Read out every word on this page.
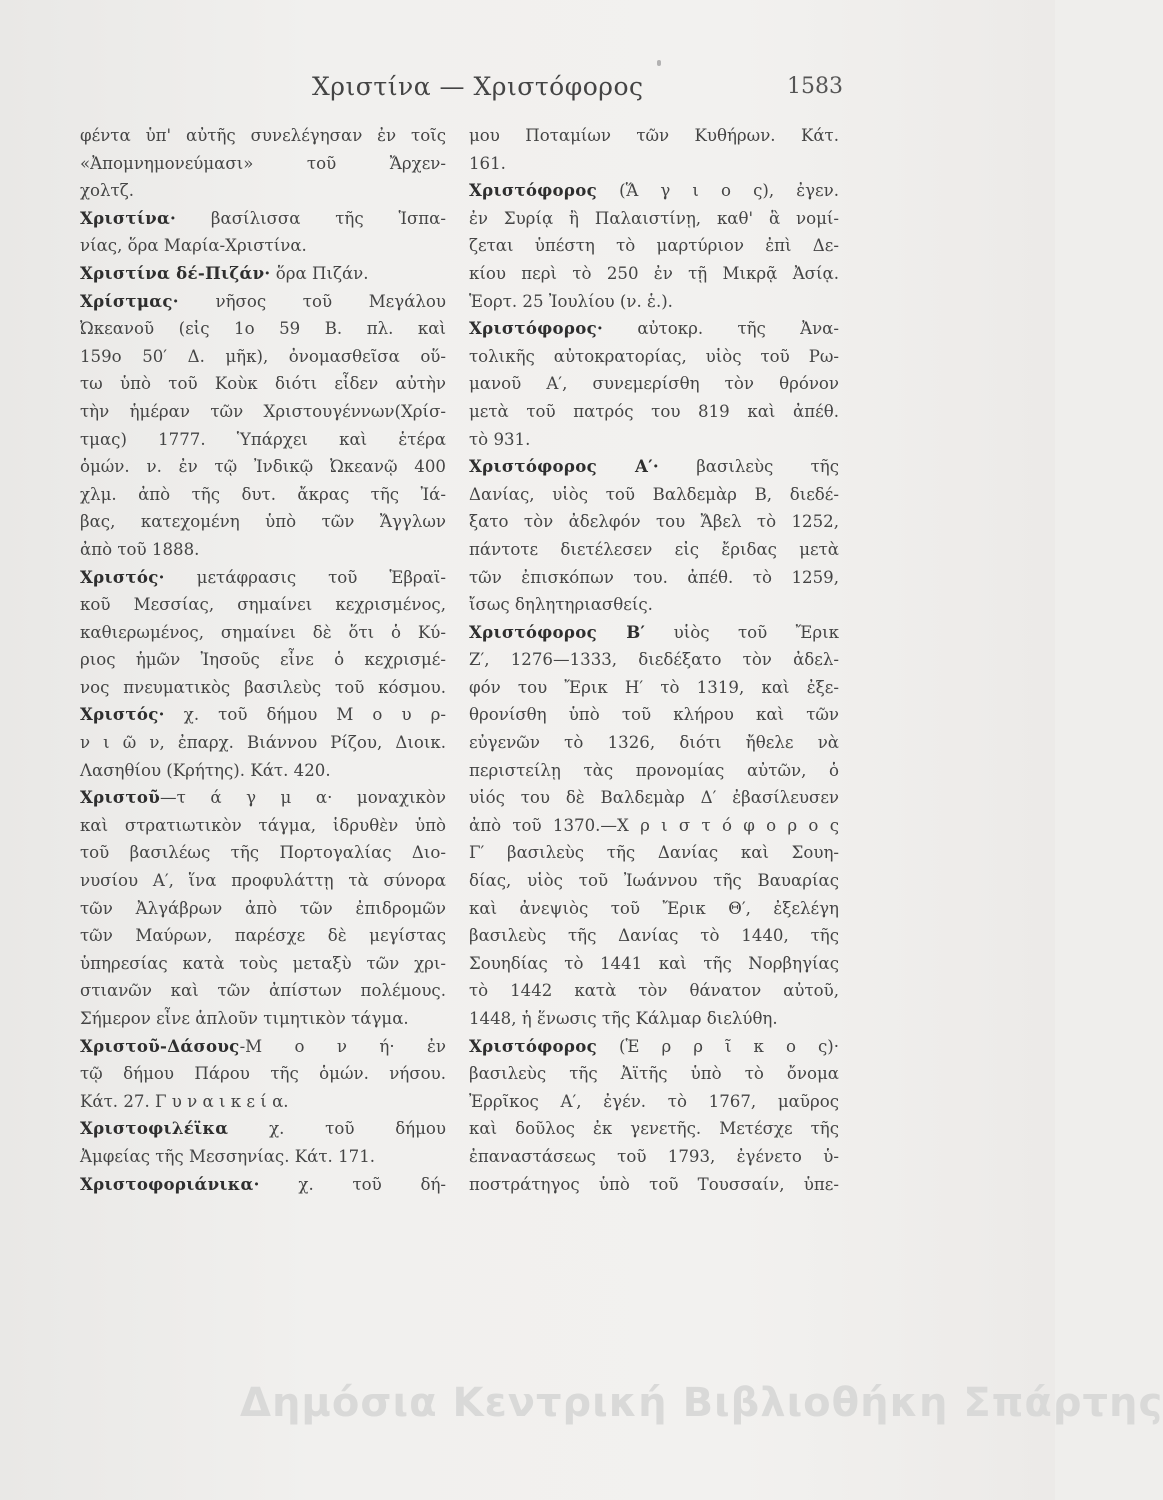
Χριστίνα — Χριστόφορος	1583
φέντα ὑπ' αὐτῆς συνελέγησαν ἐν τοῖς
«Ἀπομνημονεύμασι» τοῦ Ἄρχεν-
χολτζ.
Χριστίνα· βασίλισσα τῆς Ἱσπα-
νίας, ὅρα Μαρία-Χριστίνα.
Χριστίνα δέ-Πιζάν· ὅρα Πιζάν.
Χρίστμας· νῆσος τοῦ Μεγάλου
Ὠκεανοῦ (εἰς 1ο 59 Β. πλ. καὶ
159ο 50′ Δ. μῆκ), ὀνομασθεῖσα οὕ-
τω ὑπὸ τοῦ Κοὺκ διότι εἶδεν αὐτὴν
τὴν ἡμέραν τῶν Χριστουγέννων(Χρίσ-
τμας) 1777. Ὑπάρχει καὶ ἑτέρα
ὁμών. ν. ἐν τῷ Ἰνδικῷ Ὠκεανῷ 400
χλμ. ἀπὸ τῆς δυτ. ἄκρας τῆς Ἰά-
βας, κατεχομένη ὑπὸ τῶν Ἄγγλων
ἀπὸ τοῦ 1888.
Χριστός· μετάφρασις τοῦ Ἑβραϊ-
κοῦ Μεσσίας, σημαίνει κεχρισμένος,
καθιερωμένος, σημαίνει δὲ ὅτι ὁ Κύ-
ριος ἡμῶν Ἰησοῦς εἶνε ὁ κεχρισμέ-
νος πνευματικὸς βασιλεὺς τοῦ κόσμου.
Χριστός· χ. τοῦ δήμου Μ ο υ ρ-
ν ι ῶ ν, ἐπαρχ. Βιάννου Ρίζου, Διοικ.
Λασηθίου (Κρήτης). Κάτ. 420.
Χριστοῦ—τ ά γ μ α· μοναχικὸν
καὶ στρατιωτικὸν τάγμα, ἱδρυθὲν ὑπὸ
τοῦ βασιλέως τῆς Πορτογαλίας Διο-
νυσίου Α′, ἵνα προφυλάττῃ τὰ σύνορα
τῶν Ἀλγάβρων ἀπὸ τῶν ἐπιδρομῶν
τῶν Μαύρων, παρέσχε δὲ μεγίστας
ὑπηρεσίας κατὰ τοὺς μεταξὺ τῶν χρι-
στιανῶν καὶ τῶν ἀπίστων πολέμους.
Σήμερον εἶνε ἁπλοῦν τιμητικὸν τάγμα.
Χριστοῦ-Δάσους-Μ ο ν ή· ἐν
τῷ δήμου Πάρου τῆς ὁμών. νήσου.
Κάτ. 27. Γ υ ν α ι κ ε ί α.
Χριστοφιλέϊκα χ. τοῦ δήμου
Ἀμφείας τῆς Μεσσηνίας. Κάτ. 171.
Χριστοφοριάνικα· χ. τοῦ δή-
μου Ποταμίων τῶν Κυθήρων. Κάτ.
161.
Χριστόφορος (Ἅ γ ι ο ς), ἐγεν.
ἐν Συρίᾳ ἢ Παλαιστίνῃ, καθ' ἃ νομί-
ζεται ὑπέστη τὸ μαρτύριον ἐπὶ Δε-
κίου περὶ τὸ 250 ἐν τῇ Μικρᾷ Ἀσίᾳ.
Ἑορτ. 25 Ἰουλίου (ν. ἑ.).
Χριστόφορος· αὐτοκρ. τῆς Ἀνα-
τολικῆς αὐτοκρατορίας, υἱὸς τοῦ Ρω-
μανοῦ Α′, συνεμερίσθη τὸν θρόνον
μετὰ τοῦ πατρός του 819 καὶ ἀπέθ.
τὸ 931.
Χριστόφορος Α′· βασιλεὺς τῆς
Δανίας, υἱὸς τοῦ Βαλδεμὰρ Β, διεδέ-
ξατο τὸν ἀδελφόν του Ἄβελ τὸ 1252,
πάντοτε διετέλεσεν εἰς ἔριδας μετὰ
τῶν ἐπισκόπων του. ἀπέθ. τὸ 1259,
ἴσως δηλητηριασθείς.
Χριστόφορος Β′ υἱὸς τοῦ Ἔρικ
Ζ′, 1276—1333, διεδέξατο τὸν ἀδελ-
φόν του Ἔρικ Η′ τὸ 1319, καὶ ἐξε-
θρονίσθη ὑπὸ τοῦ κλήρου καὶ τῶν
εὐγενῶν τὸ 1326, διότι ἤθελε νὰ
περιστείλῃ τὰς προνομίας αὐτῶν, ὁ
υἱός του δὲ Βαλδεμὰρ Δ′ ἐβασίλευσεν
ἀπὸ τοῦ 1370.—Χ ρ ι σ τ ό φ ο ρ ο ς
Γ′ βασιλεὺς τῆς Δανίας καὶ Σουη-
δίας, υἱὸς τοῦ Ἰωάννου τῆς Βαυαρίας
καὶ ἀνεψιὸς τοῦ Ἔρικ Θ′, ἐξελέγη
βασιλεὺς τῆς Δανίας τὸ 1440, τῆς
Σουηδίας τὸ 1441 καὶ τῆς Νορβηγίας
τὸ 1442 κατὰ τὸν θάνατον αὐτοῦ,
1448, ἡ ἕνωσις τῆς Κάλμαρ διελύθη.
Χριστόφορος (Ἑ ρ ρ ῖ κ ο ς)·
βασιλεὺς τῆς Ἀϊτῆς ὑπὸ τὸ ὄνομα
Ἐρρῖκος Α′, ἐγέν. τὸ 1767, μαῦρος
καὶ δοῦλος ἐκ γενετῆς. Μετέσχε τῆς
ἐπαναστάσεως τοῦ 1793, ἐγένετο ὑ-
ποστράτηγος ὑπὸ τοῦ Τουσσαίν, ὑπε-
Δημόσια Κεντρική Βιβλιοθήκη Σπάρτης
